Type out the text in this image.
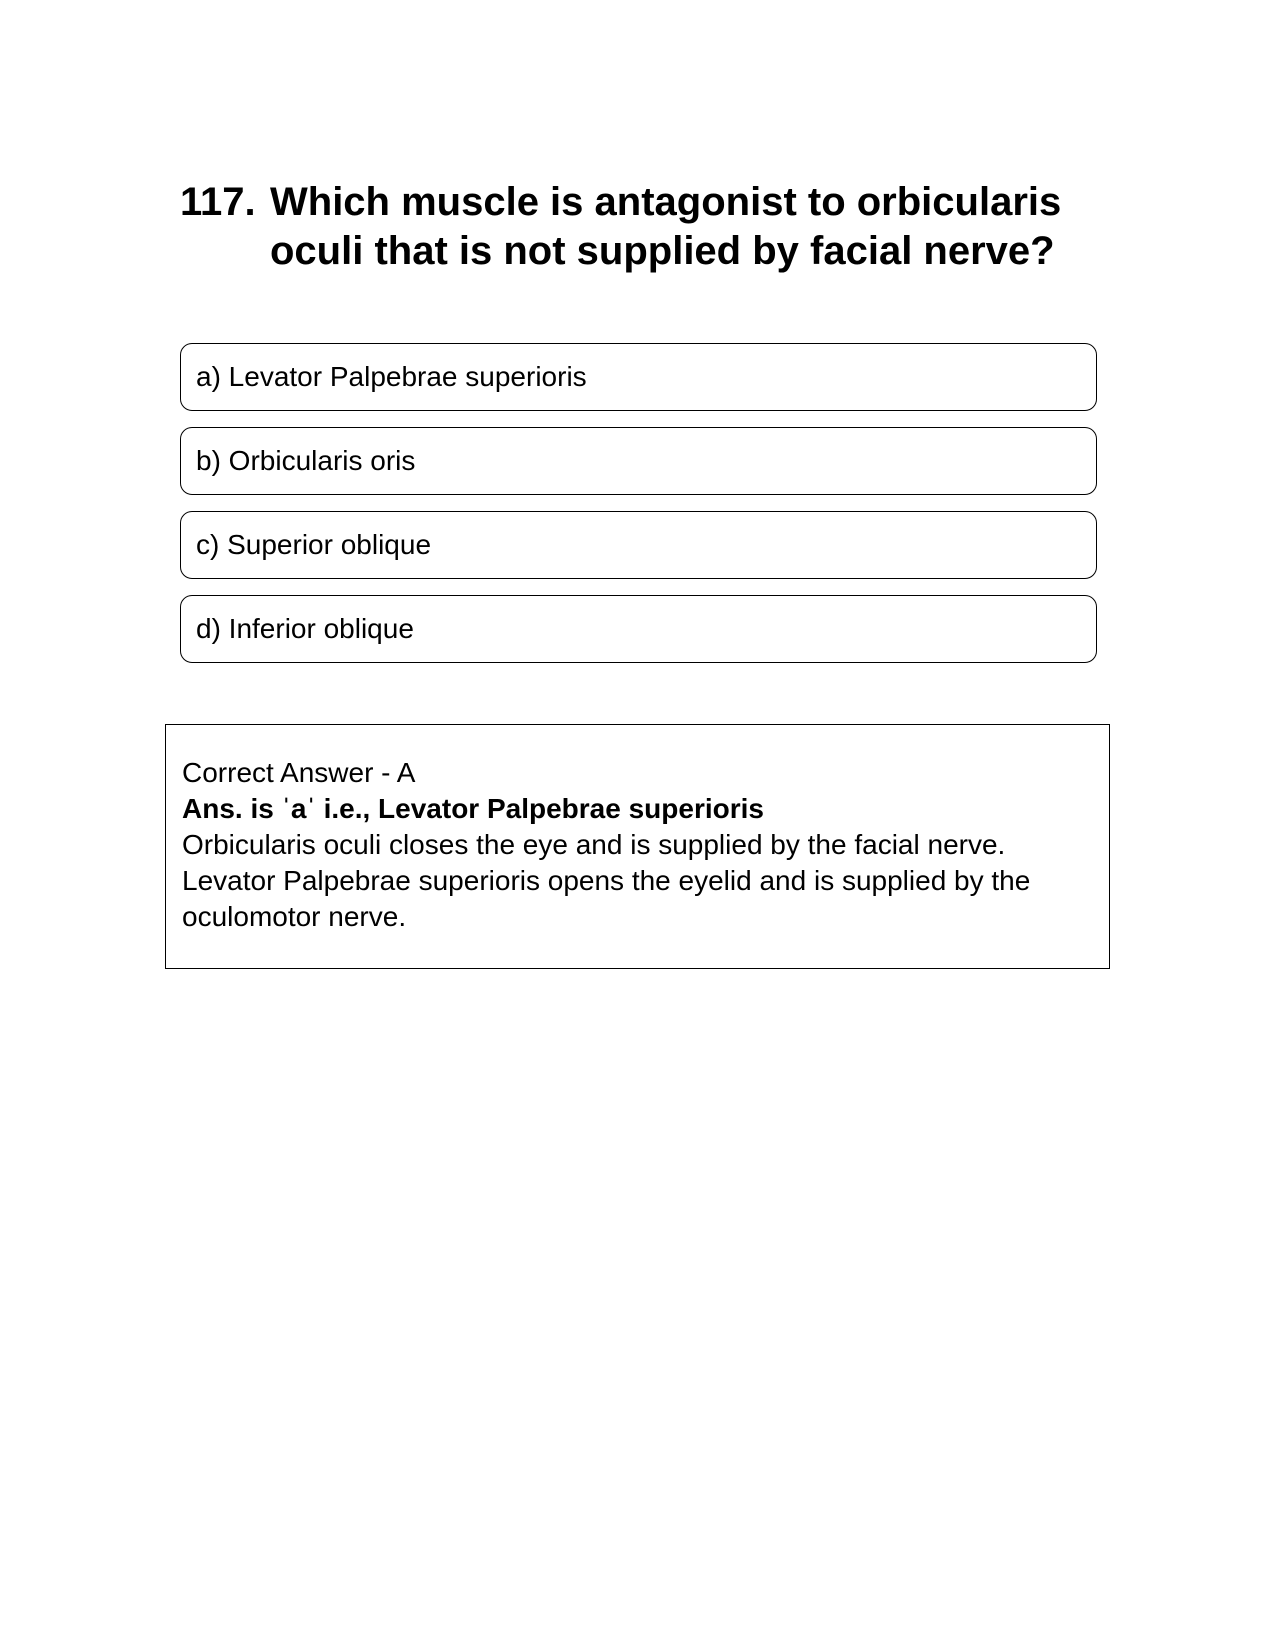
117. Which muscle is antagonist to orbicularis oculi that is not supplied by facial nerve?
a) Levator Palpebrae superioris
b) Orbicularis oris
c) Superior oblique
d) Inferior oblique
Correct Answer - A
Ans. is ˈaˈ i.e., Levator Palpebrae superioris
Orbicularis oculi closes the eye and is supplied by the facial nerve.
Levator Palpebrae superioris opens the eyelid and is supplied by the oculomotor nerve.
